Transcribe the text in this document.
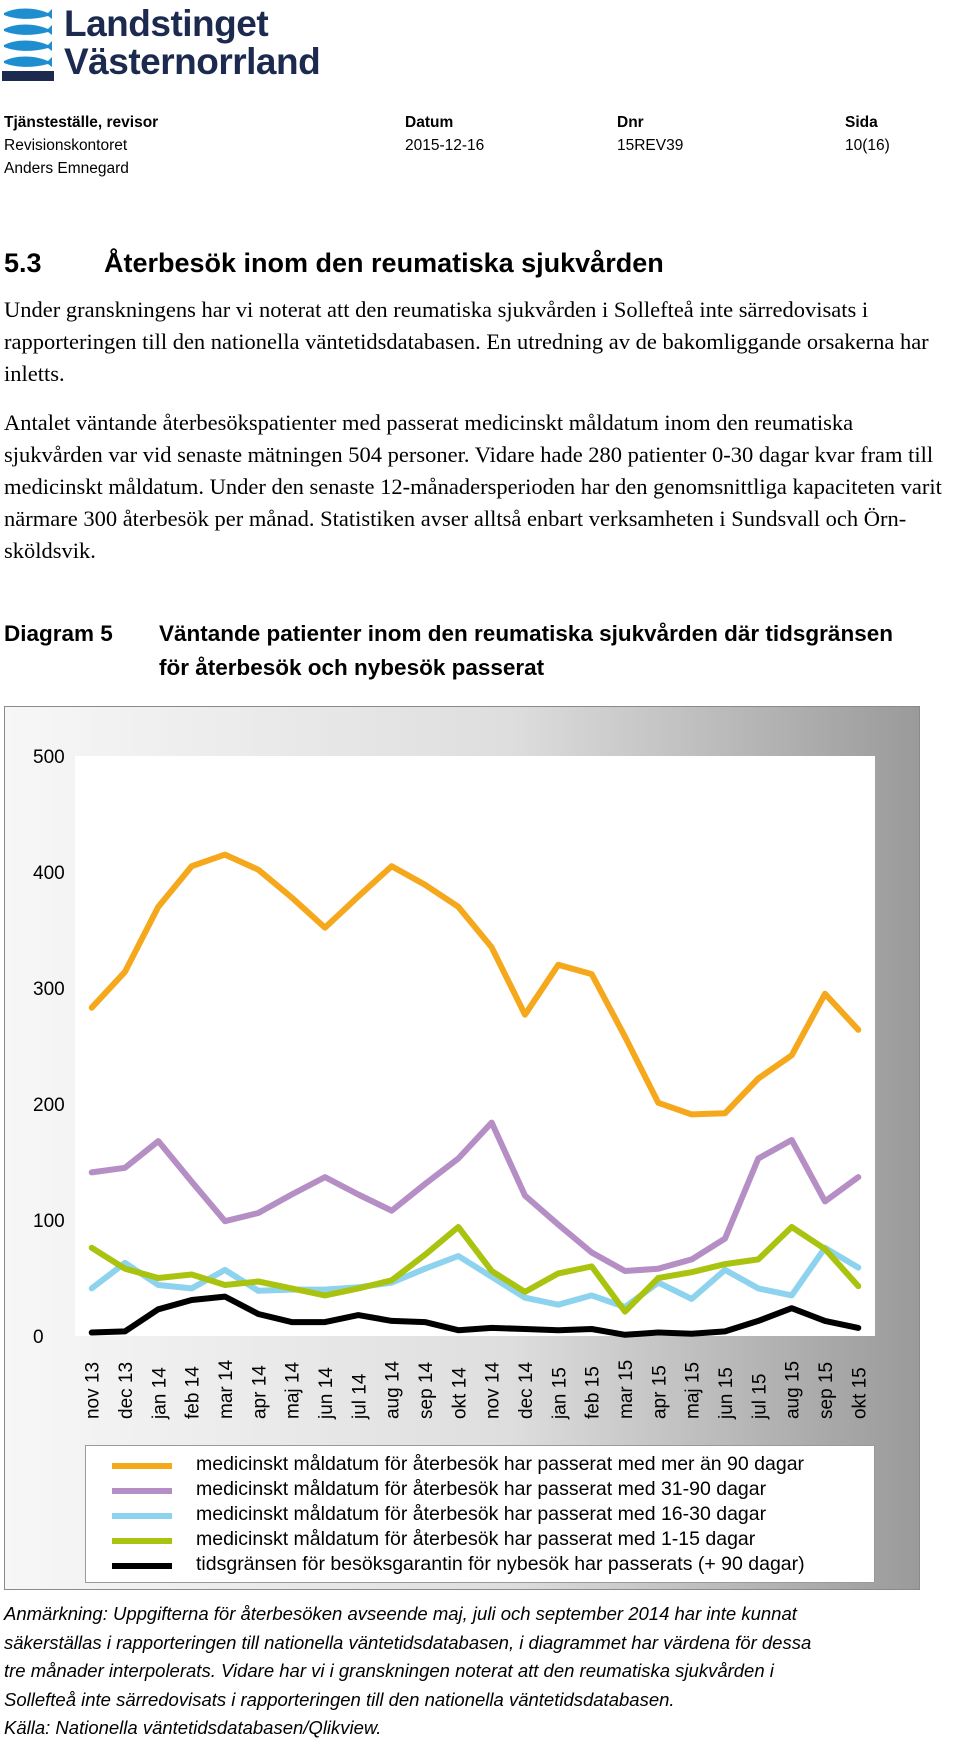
Landstinget
Västernorrland
Tjänsteställe, revisor
Revisionskontoret
Anders Emnegard
Datum
2015-12-16
Dnr
15REV39
Sida
10(16)
5.3 Återbesök inom den reumatiska sjukvården
Under granskningens har vi noterat att den reumatiska sjukvården i Sollefteå inte särredovisats i rapporteringen till den nationella väntetidsdatabasen. En utredning av de bakomliggande orsakerna har inletts.
Antalet väntande återbesökspatienter med passerat medicinskt måldatum inom den reumatiska sjukvården var vid senaste mätningen 504 personer. Vidare hade 280 patienter 0-30 dagar kvar fram till medicinskt måldatum. Under den senaste 12-månadersperioden har den genomsnittliga kapaciteten varit närmare 300 återbesök per månad. Statistiken avser alltså enbart verksamheten i Sundsvall och Örn-sköldsvik.
Diagram 5	Väntande patienter inom den reumatiska sjukvården där tidsgränsen för återbesök och nybesök passerat
0
100
200
300
400
500
nov 13 dec 13 jan 14 feb 14 mar 14 apr 14 maj 14 jun 14 jul 14 aug 14 sep 14 okt 14 nov 14 dec 14 jan 15 feb 15 mar 15 apr 15 maj 15 jun 15 jul 15 aug 15 sep 15 okt 15
medicinskt måldatum för återbesök har passerat med mer än 90 dagar
medicinskt måldatum för återbesök har passerat med 31-90 dagar
medicinskt måldatum för återbesök har passerat med 16-30 dagar
medicinskt måldatum för återbesök har passerat med 1-15 dagar
tidsgränsen för besöksgarantin för nybesök har passerats (+ 90 dagar)
Anmärkning: Uppgifterna för återbesöken avseende maj, juli och september 2014 har inte kunnat
säkerställas i rapporteringen till nationella väntetidsdatabasen, i diagrammet har värdena för dessa
tre månader interpolerats. Vidare har vi i granskningen noterat att den reumatiska sjukvården i
Sollefteå inte särredovisats i rapporteringen till den nationella väntetidsdatabasen.
Källa: Nationella väntetidsdatabasen/Qlikview.
